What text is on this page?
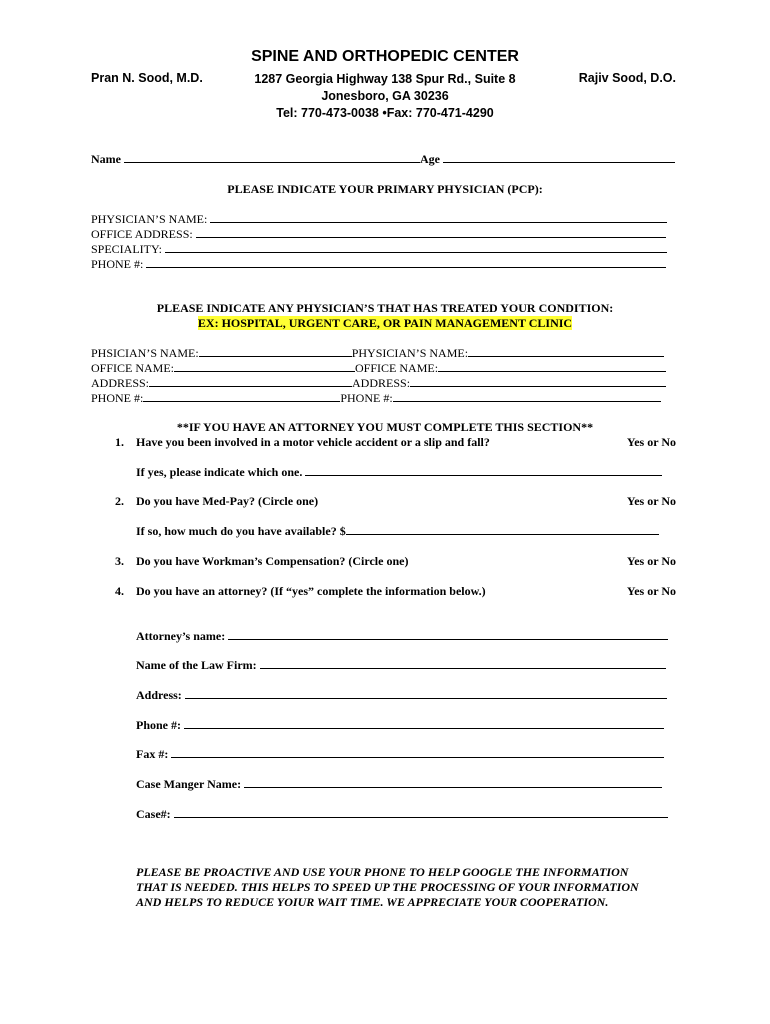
SPINE AND ORTHOPEDIC CENTER
Pran N. Sood, M.D.	Rajiv Sood, D.O.
1287 Georgia Highway 138 Spur Rd., Suite 8
Jonesboro, GA 30236
Tel: 770-473-0038 •Fax: 770-471-4290
Name	Age
PLEASE INDICATE YOUR PRIMARY PHYSICIAN (PCP):
PHYSICIAN’S NAME:
OFFICE ADDRESS:
SPECIALITY:
PHONE #:
PLEASE INDICATE ANY PHYSICIAN’S THAT HAS TREATED YOUR CONDITION:
EX: HOSPITAL, URGENT CARE, OR PAIN MANAGEMENT CLINIC
PHSICIAN’S NAME:	PHYSICIAN’S NAME:
OFFICE NAME:	OFFICE NAME:
ADDRESS:	ADDRESS:
PHONE #:	PHONE #:
**IF YOU HAVE AN ATTORNEY YOU MUST COMPLETE THIS SECTION**
1. Have you been involved in a motor vehicle accident or a slip and fall?	Yes or No
If yes, please indicate which one.
2. Do you have Med-Pay? (Circle one)	Yes or No
If so, how much do you have available? $
3. Do you have Workman’s Compensation? (Circle one)	Yes or No
4. Do you have an attorney? (If “yes” complete the information below.)	Yes or No
Attorney’s name:
Name of the Law Firm:
Address:
Phone #:
Fax #:
Case Manger Name:
Case#:
PLEASE BE PROACTIVE AND USE YOUR PHONE TO HELP GOOGLE THE INFORMATION
THAT IS NEEDED. THIS HELPS TO SPEED UP THE PROCESSING OF YOUR INFORMATION
AND HELPS TO REDUCE YOIUR WAIT TIME. WE APPRECIATE YOUR COOPERATION.
